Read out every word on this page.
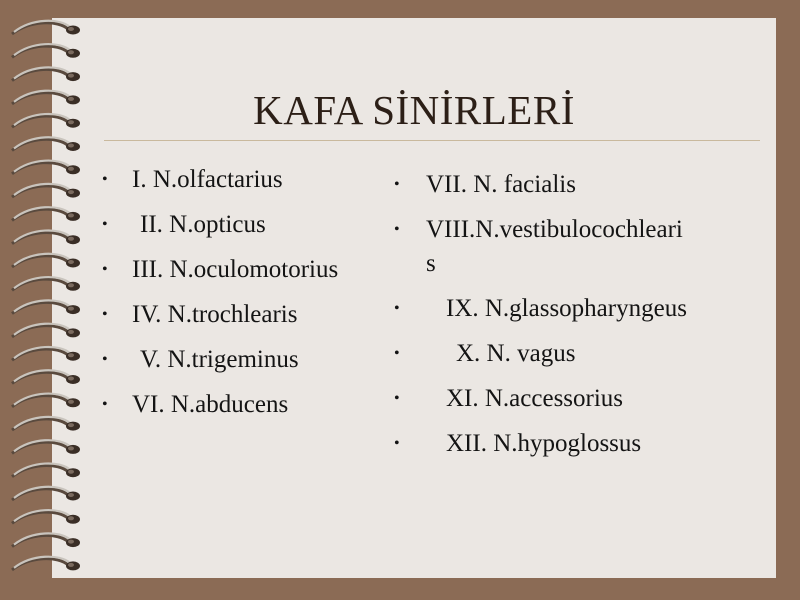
KAFA SİNİRLERİ
• I. N.olfactarius
• II. N.opticus
• III. N.oculomotorius
• IV. N.trochlearis
• V. N.trigeminus
• VI. N.abducens
• VII. N. facialis
• VIII.N.vestibulocochleari
s
• IX. N.glassopharyngeus
• X. N. vagus
• XI. N.accessorius
• XII. N.hypoglossus
